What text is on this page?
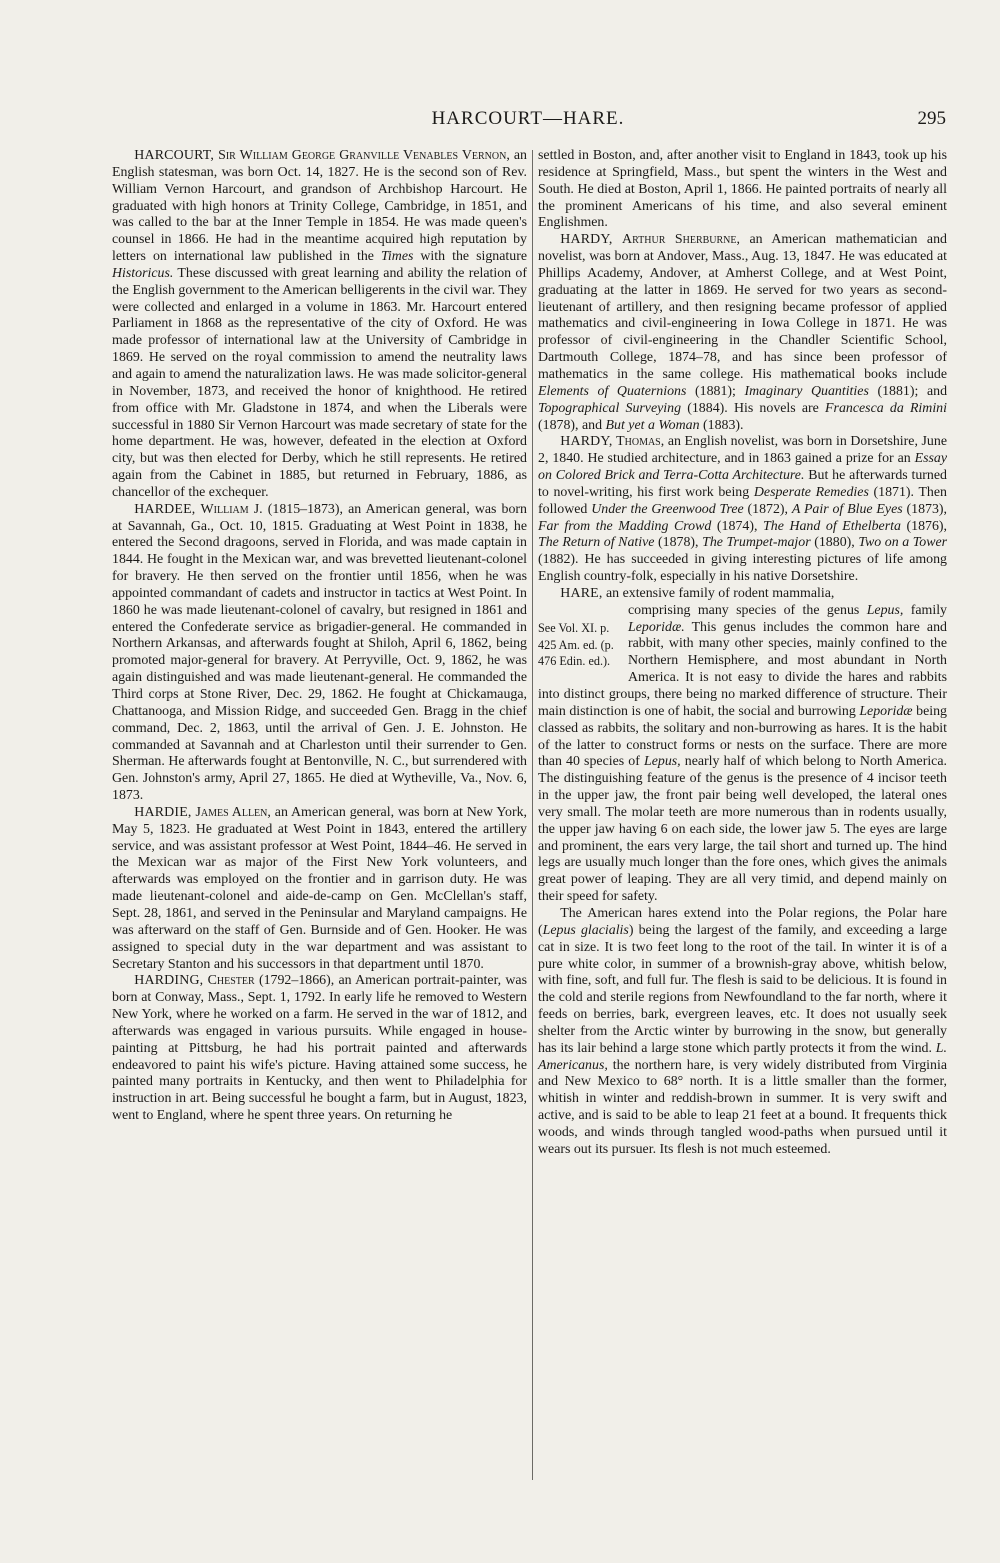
HARCOURT—HARE.	295

HARCOURT, Sir William George Granville Venables Vernon, an English statesman, was born Oct. 14, 1827. He is the second son of Rev. William Vernon Harcourt, and grandson of Archbishop Harcourt. He graduated with high honors at Trinity College, Cambridge, in 1851, and was called to the bar at the Inner Temple in 1854. He was made queen's counsel in 1866. He had in the meantime acquired high reputation by letters on international law published in the Times with the signature Historicus. These discussed with great learning and ability the relation of the English government to the American belligerents in the civil war. They were collected and enlarged in a volume in 1863. Mr. Harcourt entered Parliament in 1868 as the representative of the city of Oxford. He was made professor of international law at the University of Cambridge in 1869. He served on the royal commission to amend the neutrality laws and again to amend the naturalization laws. He was made solicitor-general in November, 1873, and received the honor of knighthood. He retired from office with Mr. Gladstone in 1874, and when the Liberals were successful in 1880 Sir Vernon Harcourt was made secretary of state for the home department. He was, however, defeated in the election at Oxford city, but was then elected for Derby, which he still represents. He retired again from the Cabinet in 1885, but returned in February, 1886, as chancellor of the exchequer.

HARDEE, William J. (1815–1873), an American general, was born at Savannah, Ga., Oct. 10, 1815. Graduating at West Point in 1838, he entered the Second dragoons, served in Florida, and was made captain in 1844. He fought in the Mexican war, and was brevetted lieutenant-colonel for bravery. He then served on the frontier until 1856, when he was appointed commandant of cadets and instructor in tactics at West Point. In 1860 he was made lieutenant-colonel of cavalry, but resigned in 1861 and entered the Confederate service as brigadier-general. He commanded in Northern Arkansas, and afterwards fought at Shiloh, April 6, 1862, being promoted major-general for bravery. At Perryville, Oct. 9, 1862, he was again distinguished and was made lieutenant-general. He commanded the Third corps at Stone River, Dec. 29, 1862. He fought at Chickamauga, Chattanooga, and Mission Ridge, and succeeded Gen. Bragg in the chief command, Dec. 2, 1863, until the arrival of Gen. J. E. Johnston. He commanded at Savannah and at Charleston until their surrender to Gen. Sherman. He afterwards fought at Bentonville, N. C., but surrendered with Gen. Johnston's army, April 27, 1865. He died at Wytheville, Va., Nov. 6, 1873.

HARDIE, James Allen, an American general, was born at New York, May 5, 1823. He graduated at West Point in 1843, entered the artillery service, and was assistant professor at West Point, 1844–46. He served in the Mexican war as major of the First New York volunteers, and afterwards was employed on the frontier and in garrison duty. He was made lieutenant-colonel and aide-de-camp on Gen. McClellan's staff, Sept. 28, 1861, and served in the Peninsular and Maryland campaigns. He was afterward on the staff of Gen. Burnside and of Gen. Hooker. He was assigned to special duty in the war department and was assistant to Secretary Stanton and his successors in that department until 1870.

HARDING, Chester (1792–1866), an American portrait-painter, was born at Conway, Mass., Sept. 1, 1792. In early life he removed to Western New York, where he worked on a farm. He served in the war of 1812, and afterwards was engaged in various pursuits. While engaged in house-painting at Pittsburg, he had his portrait painted and afterwards endeavored to paint his wife's picture. Having attained some success, he painted many portraits in Kentucky, and then went to Philadelphia for instruction in art. Being successful he bought a farm, but in August, 1823, went to England, where he spent three years. On returning he

settled in Boston, and, after another visit to England in 1843, took up his residence at Springfield, Mass., but spent the winters in the West and South. He died at Boston, April 1, 1866. He painted portraits of nearly all the prominent Americans of his time, and also several eminent Englishmen.

HARDY, Arthur Sherburne, an American mathematician and novelist, was born at Andover, Mass., Aug. 13, 1847. He was educated at Phillips Academy, Andover, at Amherst College, and at West Point, graduating at the latter in 1869. He served for two years as second-lieutenant of artillery, and then resigning became professor of applied mathematics and civil-engineering in Iowa College in 1871. He was professor of civil-engineering in the Chandler Scientific School, Dartmouth College, 1874–78, and has since been professor of mathematics in the same college. His mathematical books include Elements of Quaternions (1881); Imaginary Quantities (1881); and Topographical Surveying (1884). His novels are Francesca da Rimini (1878), and But yet a Woman (1883).

HARDY, Thomas, an English novelist, was born in Dorsetshire, June 2, 1840. He studied architecture, and in 1863 gained a prize for an Essay on Colored Brick and Terra-Cotta Architecture. But he afterwards turned to novel-writing, his first work being Desperate Remedies (1871). Then followed Under the Greenwood Tree (1872), A Pair of Blue Eyes (1873), Far from the Madding Crowd (1874), The Hand of Ethelberta (1876), The Return of Native (1878), The Trumpet-major (1880), Two on a Tower (1882). He has succeeded in giving interesting pictures of life among English country-folk, especially in his native Dorsetshire.

HARE, an extensive family of rodent mammalia,

See Vol. XI. p. 425 Am. ed. (p. 476 Edin. ed.).

comprising many species of the genus Lepus, family Leporidæ. This genus includes the common hare and rabbit, with many other species, mainly confined to the Northern Hemisphere, and most abundant in North America. It is not easy to divide the hares and rabbits into distinct groups, there being no marked difference of structure. Their main distinction is one of habit, the social and burrowing Leporidæ being classed as rabbits, the solitary and non-burrowing as hares. It is the habit of the latter to construct forms or nests on the surface. There are more than 40 species of Lepus, nearly half of which belong to North America. The distinguishing feature of the genus is the presence of 4 incisor teeth in the upper jaw, the front pair being well developed, the lateral ones very small. The molar teeth are more numerous than in rodents usually, the upper jaw having 6 on each side, the lower jaw 5. The eyes are large and prominent, the ears very large, the tail short and turned up. The hind legs are usually much longer than the fore ones, which gives the animals great power of leaping. They are all very timid, and depend mainly on their speed for safety.

The American hares extend into the Polar regions, the Polar hare (Lepus glacialis) being the largest of the family, and exceeding a large cat in size. It is two feet long to the root of the tail. In winter it is of a pure white color, in summer of a brownish-gray above, whitish below, with fine, soft, and full fur. The flesh is said to be delicious. It is found in the cold and sterile regions from Newfoundland to the far north, where it feeds on berries, bark, evergreen leaves, etc. It does not usually seek shelter from the Arctic winter by burrowing in the snow, but generally has its lair behind a large stone which partly protects it from the wind. L. Americanus, the northern hare, is very widely distributed from Virginia and New Mexico to 68° north. It is a little smaller than the former, whitish in winter and reddish-brown in summer. It is very swift and active, and is said to be able to leap 21 feet at a bound. It frequents thick woods, and winds through tangled wood-paths when pursued until it wears out its pursuer. Its flesh is not much esteemed.
